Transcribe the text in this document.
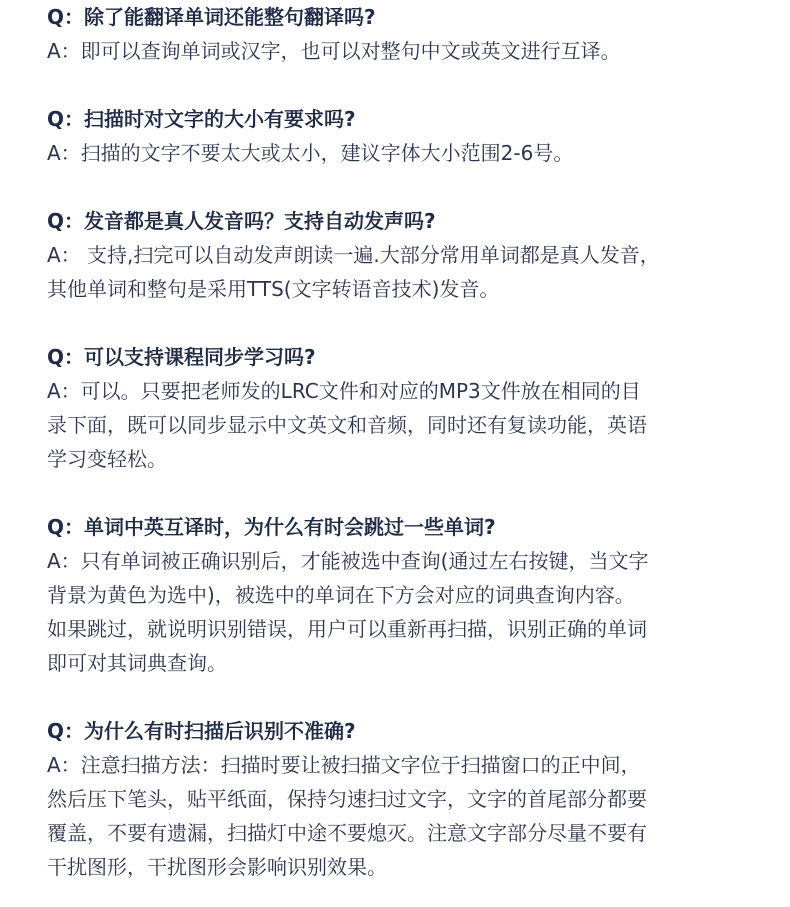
Q：除了能翻译单词还能整句翻译吗?
A：即可以查询单词或汉字，也可以对整句中文或英文进行互译。
Q：扫描时对文字的大小有要求吗?
A：扫描的文字不要太大或太小，建议字体大小范围2-6号。
Q：发音都是真人发音吗？支持自动发声吗?
A： 支持,扫完可以自动发声朗读一遍.大部分常用单词都是真人发音，
其他单词和整句是采用TTS(文字转语音技术)发音。
Q：可以支持课程同步学习吗?
A：可以。只要把老师发的LRC文件和对应的MP3文件放在相同的目
录下面，既可以同步显示中文英文和音频，同时还有复读功能，英语
学习变轻松。
Q：单词中英互译时，为什么有时会跳过一些单词?
A：只有单词被正确识别后，才能被选中查询(通过左右按键，当文字
背景为黄色为选中)，被选中的单词在下方会对应的词典查询内容。
如果跳过，就说明识别错误，用户可以重新再扫描，识别正确的单词
即可对其词典查询。
Q：为什么有时扫描后识别不准确?
A：注意扫描方法：扫描时要让被扫描文字位于扫描窗口的正中间，
然后压下笔头，贴平纸面，保持匀速扫过文字，文字的首尾部分都要
覆盖，不要有遗漏，扫描灯中途不要熄灭。注意文字部分尽量不要有
干扰图形，干扰图形会影响识别效果。
